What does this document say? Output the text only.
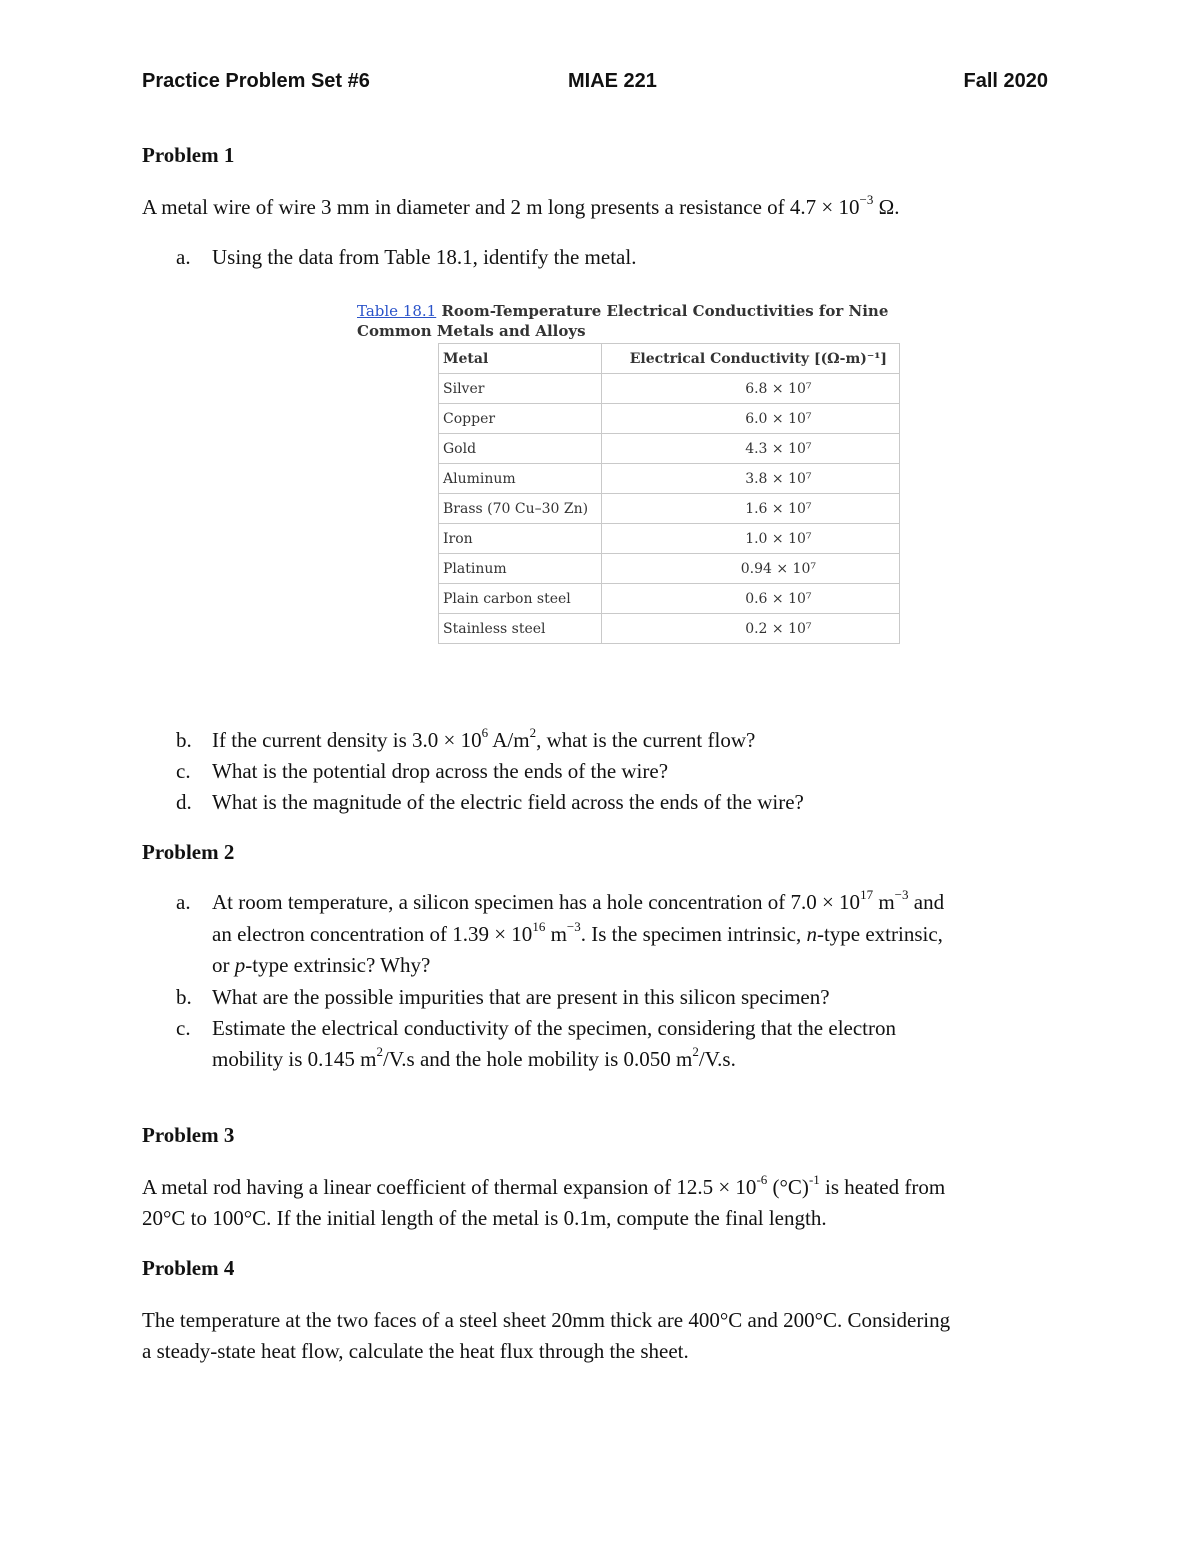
Practice Problem Set #6	MIAE 221	Fall 2020
Problem 1
A metal wire of wire 3 mm in diameter and 2 m long presents a resistance of $4.7 \times 10^{-3}$ Ω.
a. Using the data from Table 18.1, identify the metal.
Table 18.1 Room-Temperature Electrical Conductivities for Nine Common Metals and Alloys
Metal	Electrical Conductivity [(Ω-m)⁻¹]
Silver	6.8 × 10⁷
Copper	6.0 × 10⁷
Gold	4.3 × 10⁷
Aluminum	3.8 × 10⁷
Brass (70 Cu–30 Zn)	1.6 × 10⁷
Iron	1.0 × 10⁷
Platinum	0.94 × 10⁷
Plain carbon steel	0.6 × 10⁷
Stainless steel	0.2 × 10⁷
b. If the current density is $3.0 \times 10^6$ $A/m^2$, what is the current flow?
c. What is the potential drop across the ends of the wire?
d. What is the magnitude of the electric field across the ends of the wire?
Problem 2
a. At room temperature, a silicon specimen has a hole concentration of $7.0 \times 10^{17}$ $m^{-3}$ and
an electron concentration of $1.39 \times 10^{16}$ $m^{-3}$. Is the specimen intrinsic, n-type extrinsic,
or p-type extrinsic? Why?
b. What are the possible impurities that are present in this silicon specimen?
c. Estimate the electrical conductivity of the specimen, considering that the electron
mobility is 0.145 $m^2/V.s$ and the hole mobility is 0.050 $m^2/V.s$.
Problem 3
A metal rod having a linear coefficient of thermal expansion of $12.5 \times 10^{-6}$ $(^\circ C)^{-1}$ is heated from
20°C to 100°C. If the initial length of the metal is 0.1m, compute the final length.
Problem 4
The temperature at the two faces of a steel sheet 20mm thick are 400°C and 200°C. Considering
a steady-state heat flow, calculate the heat flux through the sheet.
